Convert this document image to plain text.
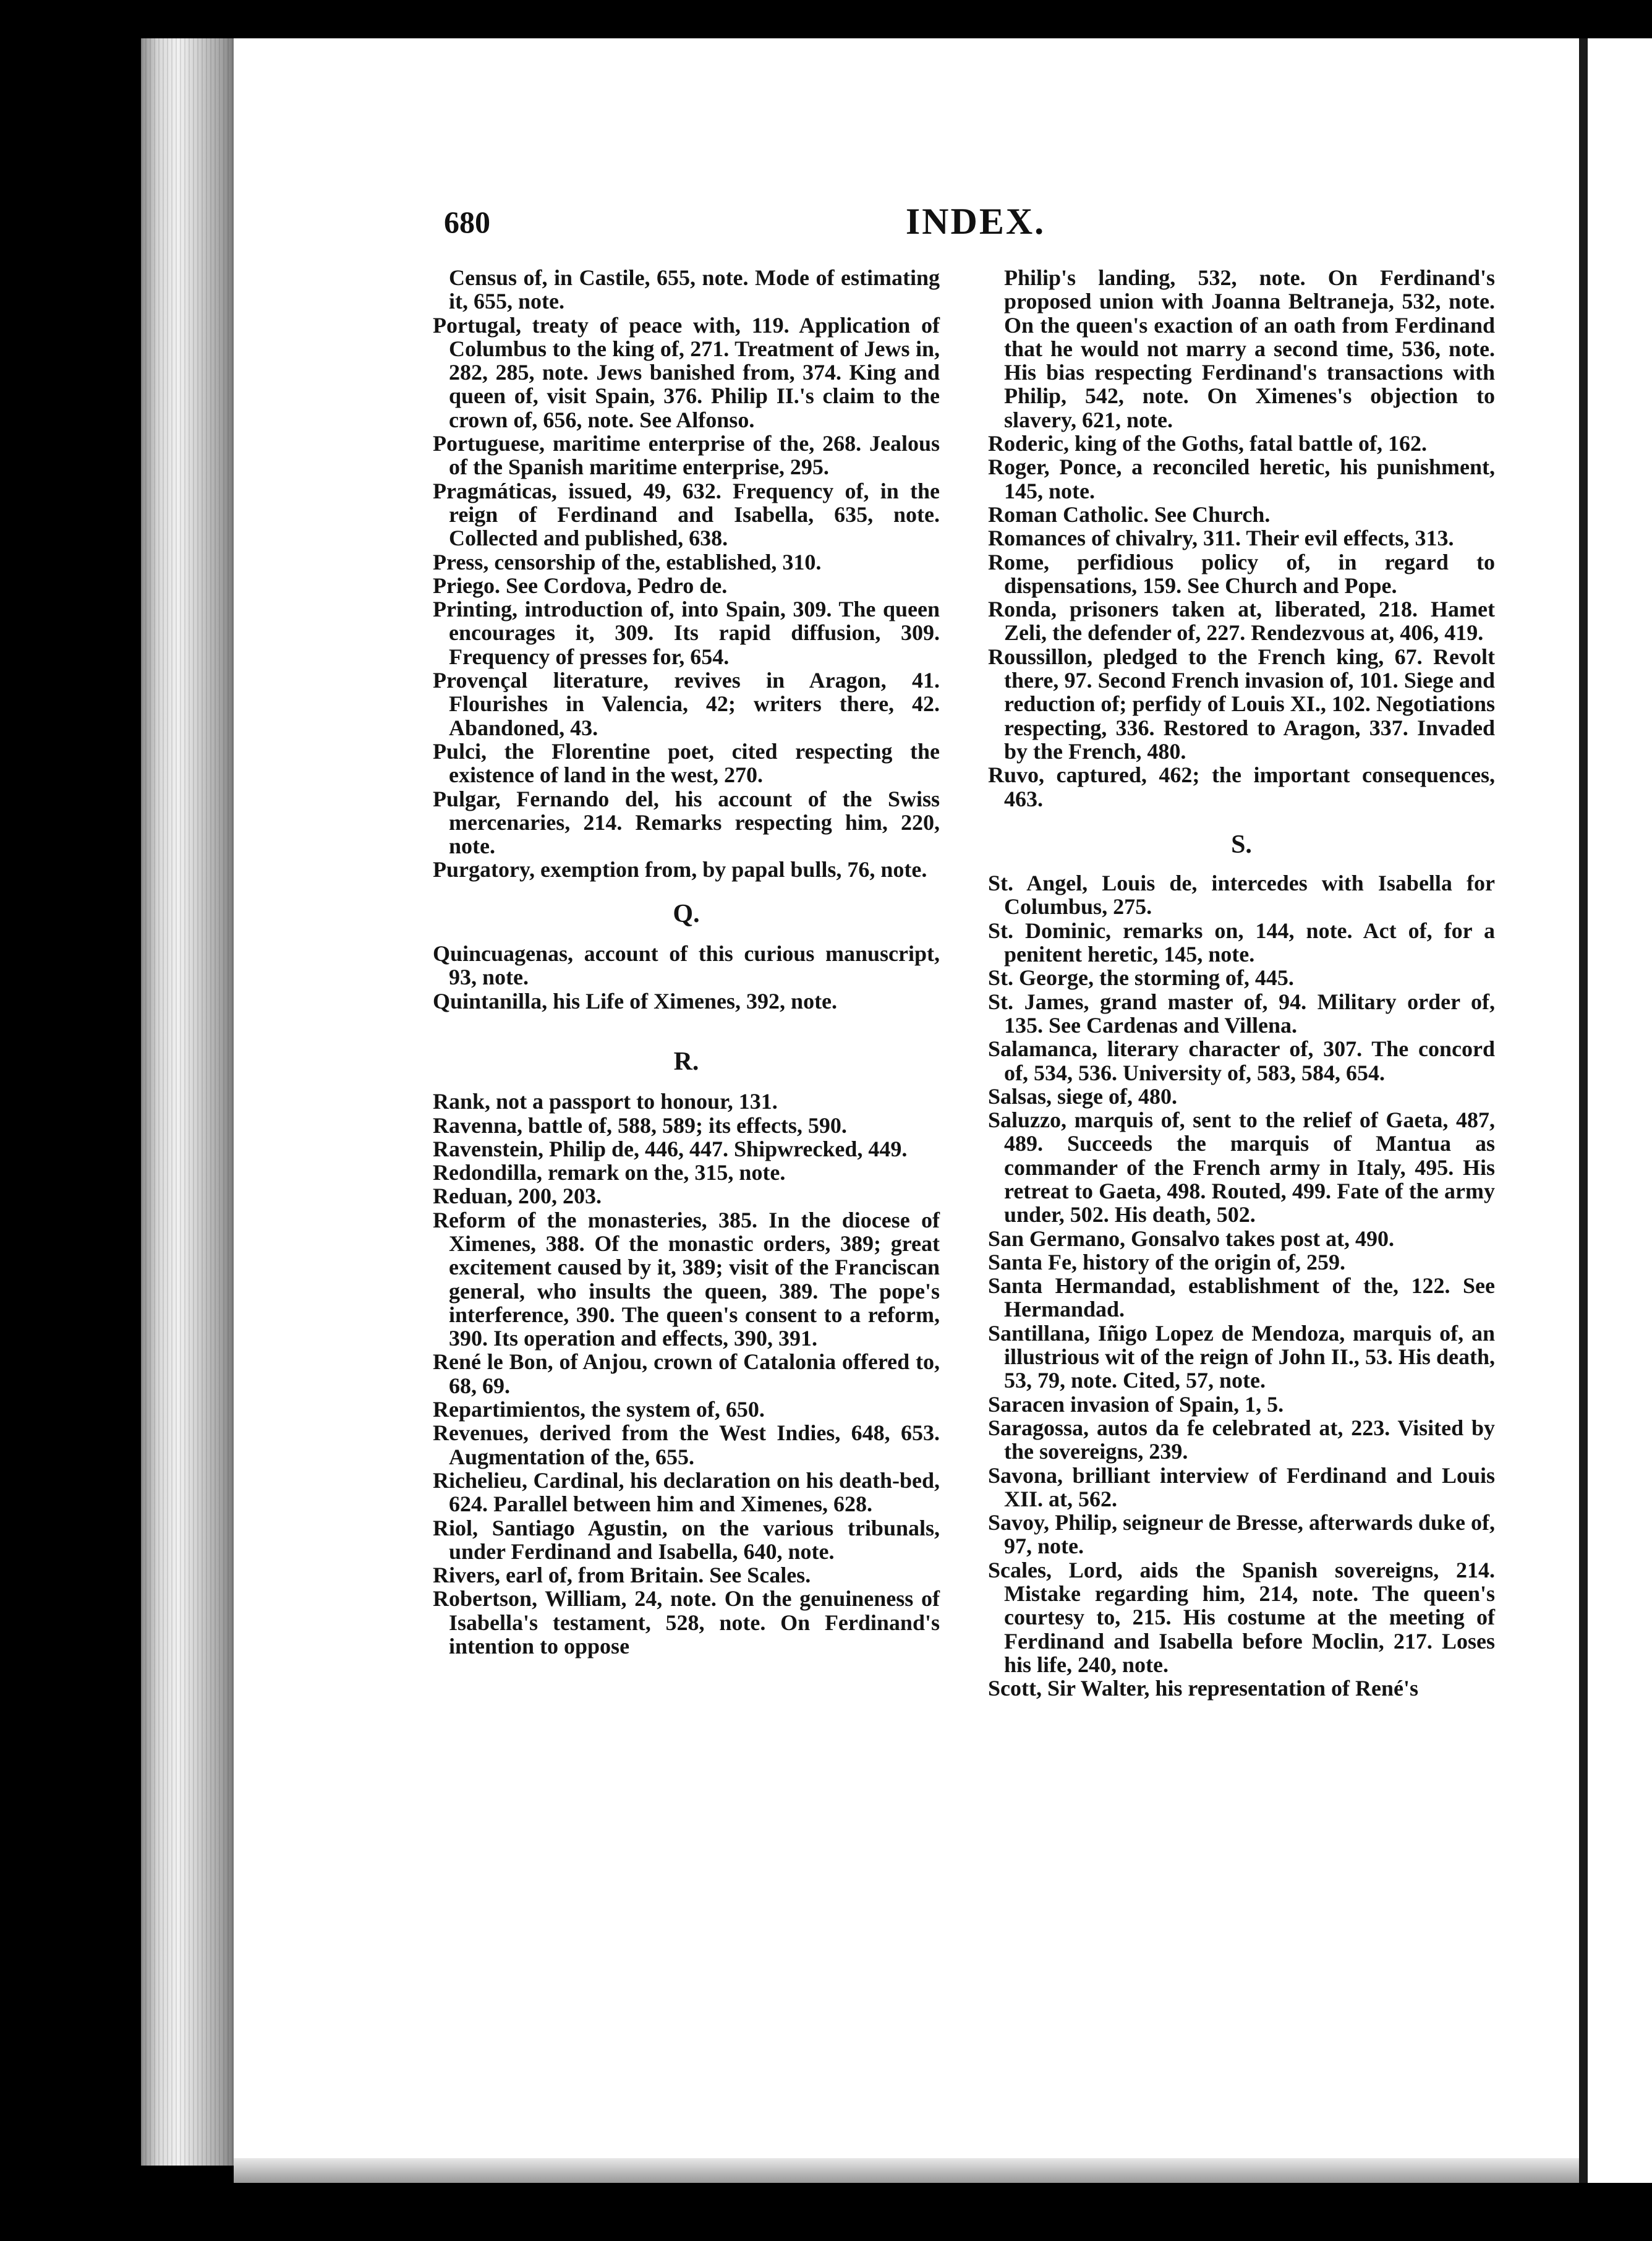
680	INDEX.

Census of, in Castile, 655, note. Mode of estimating it, 655, note.

Portugal, treaty of peace with, 119. Application of Columbus to the king of, 271. Treatment of Jews in, 282, 285, note. Jews banished from, 374. King and queen of, visit Spain, 376. Philip II.'s claim to the crown of, 656, note. See Alfonso.

Portuguese, maritime enterprise of the, 268. Jealous of the Spanish maritime enterprise, 295.

Pragmáticas, issued, 49, 632. Frequency of, in the reign of Ferdinand and Isabella, 635, note. Collected and published, 638.

Press, censorship of the, established, 310.

Priego. See Cordova, Pedro de.

Printing, introduction of, into Spain, 309. The queen encourages it, 309. Its rapid diffusion, 309. Frequency of presses for, 654.

Provençal literature, revives in Aragon, 41. Flourishes in Valencia, 42; writers there, 42. Abandoned, 43.

Pulci, the Florentine poet, cited respecting the existence of land in the west, 270.

Pulgar, Fernando del, his account of the Swiss mercenaries, 214. Remarks respecting him, 220, note.

Purgatory, exemption from, by papal bulls, 76, note.

Q.

Quincuagenas, account of this curious manuscript, 93, note.

Quintanilla, his Life of Ximenes, 392, note.

R.

Rank, not a passport to honour, 131.

Ravenna, battle of, 588, 589; its effects, 590.

Ravenstein, Philip de, 446, 447. Shipwrecked, 449.

Redondilla, remark on the, 315, note.

Reduan, 200, 203.

Reform of the monasteries, 385. In the diocese of Ximenes, 388. Of the monastic orders, 389; great excitement caused by it, 389; visit of the Franciscan general, who insults the queen, 389. The pope's interference, 390. The queen's consent to a reform, 390. Its operation and effects, 390, 391.

René le Bon, of Anjou, crown of Catalonia offered to, 68, 69.

Repartimientos, the system of, 650.

Revenues, derived from the West Indies, 648, 653. Augmentation of the, 655.

Richelieu, Cardinal, his declaration on his death-bed, 624. Parallel between him and Ximenes, 628.

Riol, Santiago Agustin, on the various tribunals, under Ferdinand and Isabella, 640, note.

Rivers, earl of, from Britain. See Scales.

Robertson, William, 24, note. On the genuineness of Isabella's testament, 528, note. On Ferdinand's intention to oppose

Philip's landing, 532, note. On Ferdinand's proposed union with Joanna Beltraneja, 532, note. On the queen's exaction of an oath from Ferdinand that he would not marry a second time, 536, note. His bias respecting Ferdinand's transactions with Philip, 542, note. On Ximenes's objection to slavery, 621, note.

Roderic, king of the Goths, fatal battle of, 162.

Roger, Ponce, a reconciled heretic, his punishment, 145, note.

Roman Catholic. See Church.

Romances of chivalry, 311. Their evil effects, 313.

Rome, perfidious policy of, in regard to dispensations, 159. See Church and Pope.

Ronda, prisoners taken at, liberated, 218. Hamet Zeli, the defender of, 227. Rendezvous at, 406, 419.

Roussillon, pledged to the French king, 67. Revolt there, 97. Second French invasion of, 101. Siege and reduction of; perfidy of Louis XI., 102. Negotiations respecting, 336. Restored to Aragon, 337. Invaded by the French, 480.

Ruvo, captured, 462; the important consequences, 463.

S.

St. Angel, Louis de, intercedes with Isabella for Columbus, 275.

St. Dominic, remarks on, 144, note. Act of, for a penitent heretic, 145, note.

St. George, the storming of, 445.

St. James, grand master of, 94. Military order of, 135. See Cardenas and Villena.

Salamanca, literary character of, 307. The concord of, 534, 536. University of, 583, 584, 654.

Salsas, siege of, 480.

Saluzzo, marquis of, sent to the relief of Gaeta, 487, 489. Succeeds the marquis of Mantua as commander of the French army in Italy, 495. His retreat to Gaeta, 498. Routed, 499. Fate of the army under, 502. His death, 502.

San Germano, Gonsalvo takes post at, 490.

Santa Fe, history of the origin of, 259.

Santa Hermandad, establishment of the, 122. See Hermandad.

Santillana, Iñigo Lopez de Mendoza, marquis of, an illustrious wit of the reign of John II., 53. His death, 53, 79, note. Cited, 57, note.

Saracen invasion of Spain, 1, 5.

Saragossa, autos da fe celebrated at, 223. Visited by the sovereigns, 239.

Savona, brilliant interview of Ferdinand and Louis XII. at, 562.

Savoy, Philip, seigneur de Bresse, afterwards duke of, 97, note.

Scales, Lord, aids the Spanish sovereigns, 214. Mistake regarding him, 214, note. The queen's courtesy to, 215. His costume at the meeting of Ferdinand and Isabella before Moclin, 217. Loses his life, 240, note.

Scott, Sir Walter, his representation of René's
